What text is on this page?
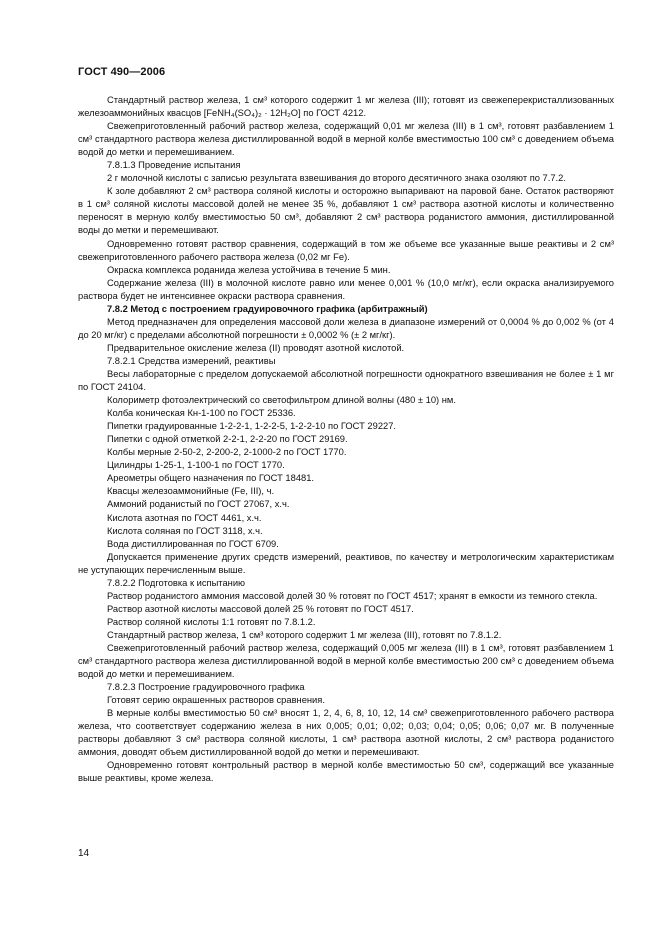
ГОСТ 490—2006

Стандартный раствор железа, 1 см³ которого содержит 1 мг железа (III); готовят из свежеперекристаллизованных железоаммонийных квасцов [FeNH₄(SO₄)₂ · 12H₂O] по ГОСТ 4212.

Свежеприготовленный рабочий раствор железа, содержащий 0,01 мг железа (III) в 1 см³, готовят разбавлением 1 см³ стандартного раствора железа дистиллированной водой в мерной колбе вместимостью 100 см³ с доведением объема водой до метки и перемешиванием.

7.8.1.3 Проведение испытания

2 г молочной кислоты с записью результата взвешивания до второго десятичного знака озоляют по 7.7.2.

К золе добавляют 2 см³ раствора соляной кислоты и осторожно выпаривают на паровой бане. Остаток растворяют в 1 см³ соляной кислоты массовой долей не менее 35 %, добавляют 1 см³ раствора азотной кислоты и количественно переносят в мерную колбу вместимостью 50 см³, добавляют 2 см³ раствора роданистого аммония, дистиллированной воды до метки и перемешивают.

Одновременно готовят раствор сравнения, содержащий в том же объеме все указанные выше реактивы и 2 см³ свежеприготовленного рабочего раствора железа (0,02 мг Fe).

Окраска комплекса роданида железа устойчива в течение 5 мин.

Содержание железа (III) в молочной кислоте равно или менее 0,001 % (10,0 мг/кг), если окраска анализируемого раствора будет не интенсивнее окраски раствора сравнения.

7.8.2 Метод с построением градуировочного графика (арбитражный)

Метод предназначен для определения массовой доли железа в диапазоне измерений от 0,0004 % до 0,002 % (от 4 до 20 мг/кг) с пределами абсолютной погрешности ± 0,0002 % (± 2 мг/кг).

Предварительное окисление железа (II) проводят азотной кислотой.

7.8.2.1 Средства измерений, реактивы

Весы лабораторные с пределом допускаемой абсолютной погрешности однократного взвешивания не более ± 1 мг по ГОСТ 24104.

Колориметр фотоэлектрический со светофильтром длиной волны (480 ± 10) нм.

Колба коническая Кн-1-100 по ГОСТ 25336.

Пипетки градуированные 1-2-2-1, 1-2-2-5, 1-2-2-10 по ГОСТ 29227.

Пипетки с одной отметкой 2-2-1, 2-2-20 по ГОСТ 29169.

Колбы мерные 2-50-2, 2-200-2, 2-1000-2 по ГОСТ 1770.

Цилиндры 1-25-1, 1-100-1 по ГОСТ 1770.

Ареометры общего назначения по ГОСТ 18481.

Квасцы железоаммонийные (Fe, III), ч.

Аммоний роданистый по ГОСТ 27067, х.ч.

Кислота азотная по ГОСТ 4461, х.ч.

Кислота соляная по ГОСТ 3118, х.ч.

Вода дистиллированная по ГОСТ 6709.

Допускается применение других средств измерений, реактивов, по качеству и метрологическим характеристикам не уступающих перечисленным выше.

7.8.2.2 Подготовка к испытанию

Раствор роданистого аммония массовой долей 30 % готовят по ГОСТ 4517; хранят в емкости из темного стекла.

Раствор азотной кислоты массовой долей 25 % готовят по ГОСТ 4517.

Раствор соляной кислоты 1:1 готовят по 7.8.1.2.

Стандартный раствор железа, 1 см³ которого содержит 1 мг железа (III), готовят по 7.8.1.2.

Свежеприготовленный рабочий раствор железа, содержащий 0,005 мг железа (III) в 1 см³, готовят разбавлением 1 см³ стандартного раствора железа дистиллированной водой в мерной колбе вместимостью 200 см³ с доведением объема водой до метки и перемешиванием.

7.8.2.3 Построение градуировочного графика

Готовят серию окрашенных растворов сравнения.

В мерные колбы вместимостью 50 см³ вносят 1, 2, 4, 6, 8, 10, 12, 14 см³ свежеприготовленного рабочего раствора железа, что соответствует содержанию железа в них 0,005; 0,01; 0,02; 0,03; 0,04; 0,05; 0,06; 0,07 мг. В полученные растворы добавляют 3 см³ раствора соляной кислоты, 1 см³ раствора азотной кислоты, 2 см³ раствора роданистого аммония, доводят объем дистиллированной водой до метки и перемешивают.

Одновременно готовят контрольный раствор в мерной колбе вместимостью 50 см³, содержащий все указанные выше реактивы, кроме железа.

14
